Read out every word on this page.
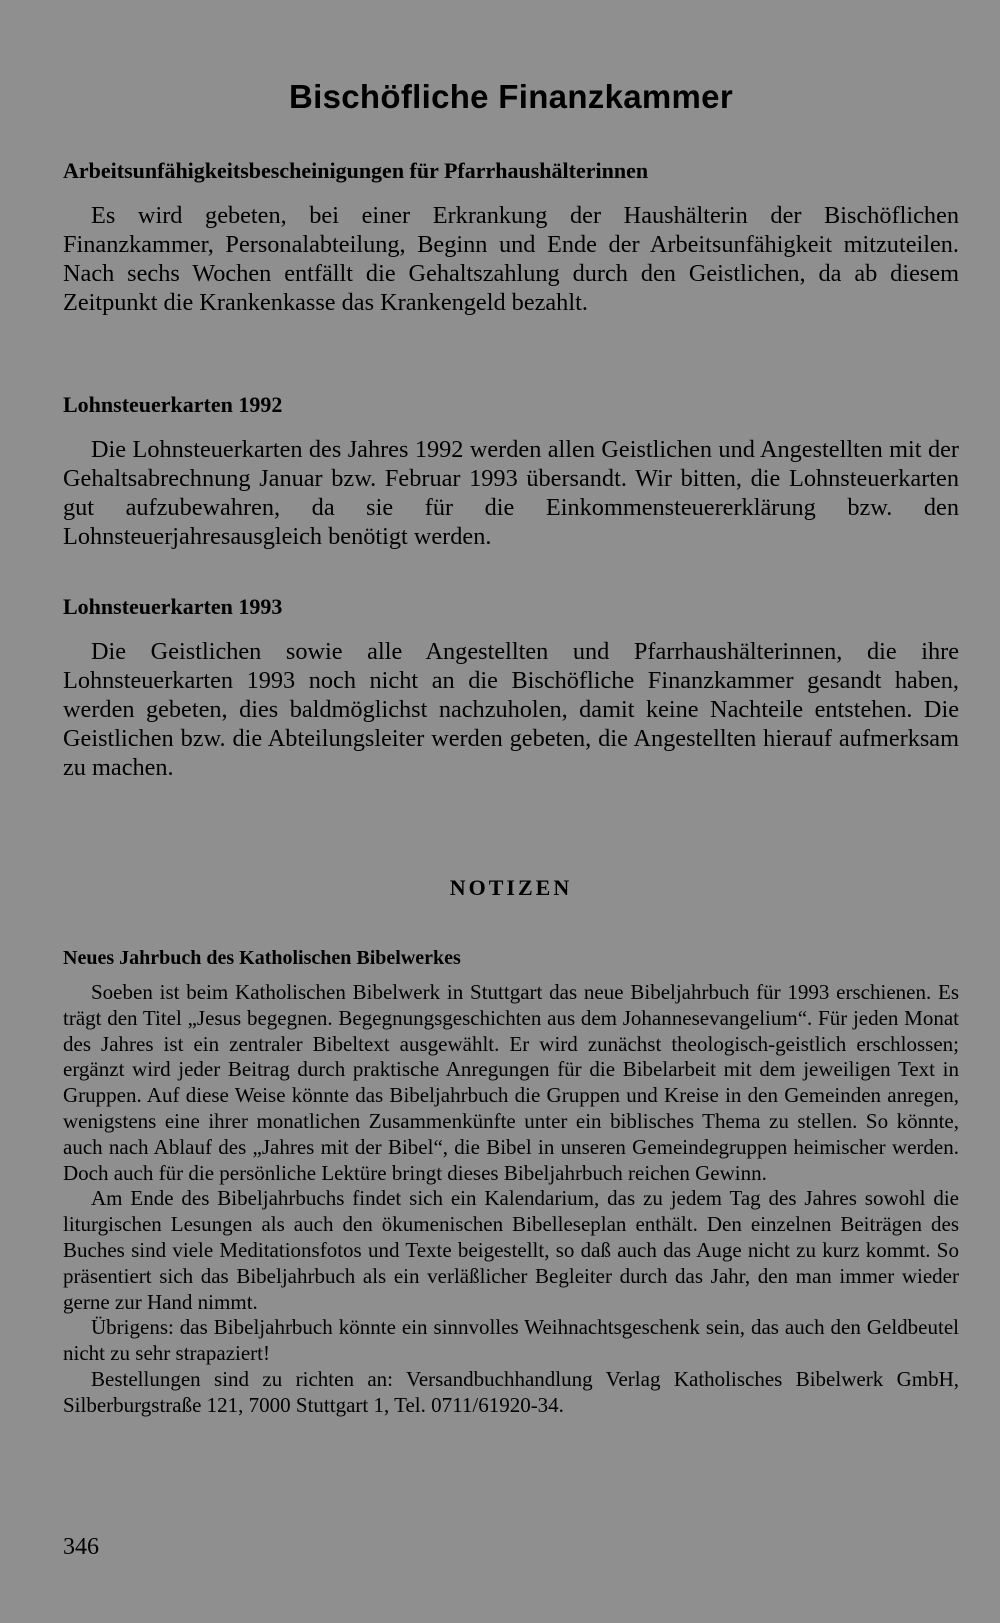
Bischöfliche Finanzkammer
Arbeitsunfähigkeitsbescheinigungen für Pfarrhaushälterinnen

Es wird gebeten, bei einer Erkrankung der Haushälterin der Bischöflichen Finanzkammer, Personalabteilung, Beginn und Ende der Arbeitsunfähigkeit mitzuteilen. Nach sechs Wochen entfällt die Gehaltszahlung durch den Geistlichen, da ab diesem Zeitpunkt die Krankenkasse das Krankengeld bezahlt.

Lohnsteuerkarten 1992

Die Lohnsteuerkarten des Jahres 1992 werden allen Geistlichen und Angestellten mit der Gehaltsabrechnung Januar bzw. Februar 1993 übersandt. Wir bitten, die Lohnsteuerkarten gut aufzubewahren, da sie für die Einkommensteuererklärung bzw. den Lohnsteuerjahresausgleich benötigt werden.

Lohnsteuerkarten 1993

Die Geistlichen sowie alle Angestellten und Pfarrhaushälterinnen, die ihre Lohnsteuerkarten 1993 noch nicht an die Bischöfliche Finanzkammer gesandt haben, werden gebeten, dies baldmöglichst nachzuholen, damit keine Nachteile entstehen. Die Geistlichen bzw. die Abteilungsleiter werden gebeten, die Angestellten hierauf aufmerksam zu machen.

NOTIZEN
Neues Jahrbuch des Katholischen Bibelwerkes

Soeben ist beim Katholischen Bibelwerk in Stuttgart das neue Bibeljahrbuch für 1993 erschienen. Es trägt den Titel „Jesus begegnen. Begegnungsgeschichten aus dem Johannesevangelium“. Für jeden Monat des Jahres ist ein zentraler Bibeltext ausgewählt. Er wird zunächst theologisch-geistlich erschlossen; ergänzt wird jeder Beitrag durch praktische Anregungen für die Bibelarbeit mit dem jeweiligen Text in Gruppen. Auf diese Weise könnte das Bibeljahrbuch die Gruppen und Kreise in den Gemeinden anregen, wenigstens eine ihrer monatlichen Zusammenkünfte unter ein biblisches Thema zu stellen. So könnte, auch nach Ablauf des „Jahres mit der Bibel“, die Bibel in unseren Gemeindegruppen heimischer werden. Doch auch für die persönliche Lektüre bringt dieses Bibeljahrbuch reichen Gewinn.

Am Ende des Bibeljahrbuchs findet sich ein Kalendarium, das zu jedem Tag des Jahres sowohl die liturgischen Lesungen als auch den ökumenischen Bibelleseplan enthält. Den einzelnen Beiträgen des Buches sind viele Meditationsfotos und Texte beigestellt, so daß auch das Auge nicht zu kurz kommt. So präsentiert sich das Bibeljahrbuch als ein verläßlicher Begleiter durch das Jahr, den man immer wieder gerne zur Hand nimmt.

Übrigens: das Bibeljahrbuch könnte ein sinnvolles Weihnachtsgeschenk sein, das auch den Geldbeutel nicht zu sehr strapaziert!

Bestellungen sind zu richten an: Versandbuchhandlung Verlag Katholisches Bibelwerk GmbH, Silberburgstraße 121, 7000 Stuttgart 1, Tel. 0711/61920-34.

346
